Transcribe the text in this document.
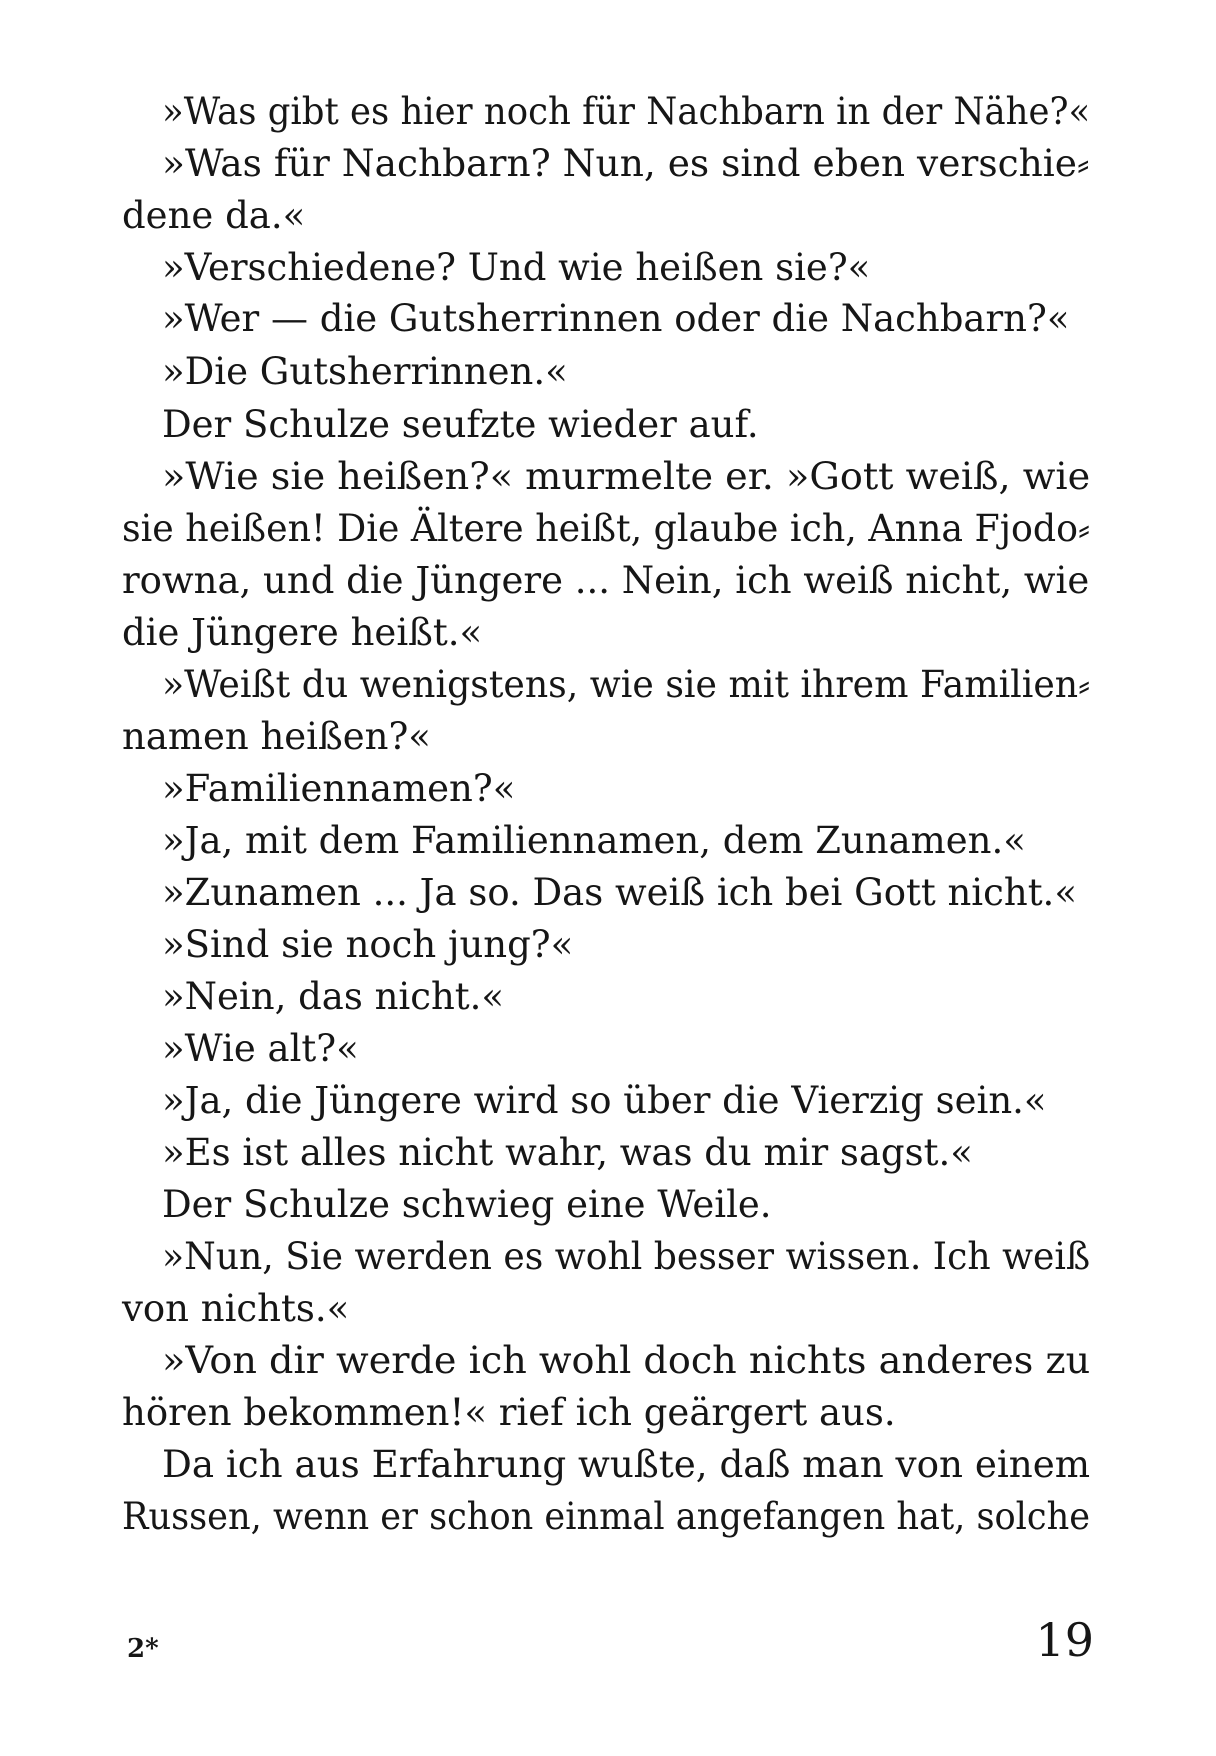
»Was gibt es hier noch für Nachbarn in der Nähe?«
»Was für Nachbarn? Nun, es sind eben verschie⸗
dene da.«
»Verschiedene? Und wie heißen sie?«
»Wer — die Gutsherrinnen oder die Nachbarn?«
»Die Gutsherrinnen.«
Der Schulze seufzte wieder auf.
»Wie sie heißen?« murmelte er. »Gott weiß, wie
sie heißen! Die Ältere heißt, glaube ich, Anna Fjodo⸗
rowna, und die Jüngere ... Nein, ich weiß nicht, wie
die Jüngere heißt.«
»Weißt du wenigstens, wie sie mit ihrem Familien⸗
namen heißen?«
»Familiennamen?«
»Ja, mit dem Familiennamen, dem Zunamen.«
»Zunamen ... Ja so. Das weiß ich bei Gott nicht.«
»Sind sie noch jung?«
»Nein, das nicht.«
»Wie alt?«
»Ja, die Jüngere wird so über die Vierzig sein.«
»Es ist alles nicht wahr, was du mir sagst.«
Der Schulze schwieg eine Weile.
»Nun, Sie werden es wohl besser wissen. Ich weiß
von nichts.«
»Von dir werde ich wohl doch nichts anderes zu
hören bekommen!« rief ich geärgert aus.
Da ich aus Erfahrung wußte, daß man von einem
Russen, wenn er schon einmal angefangen hat, solche
2*	19
